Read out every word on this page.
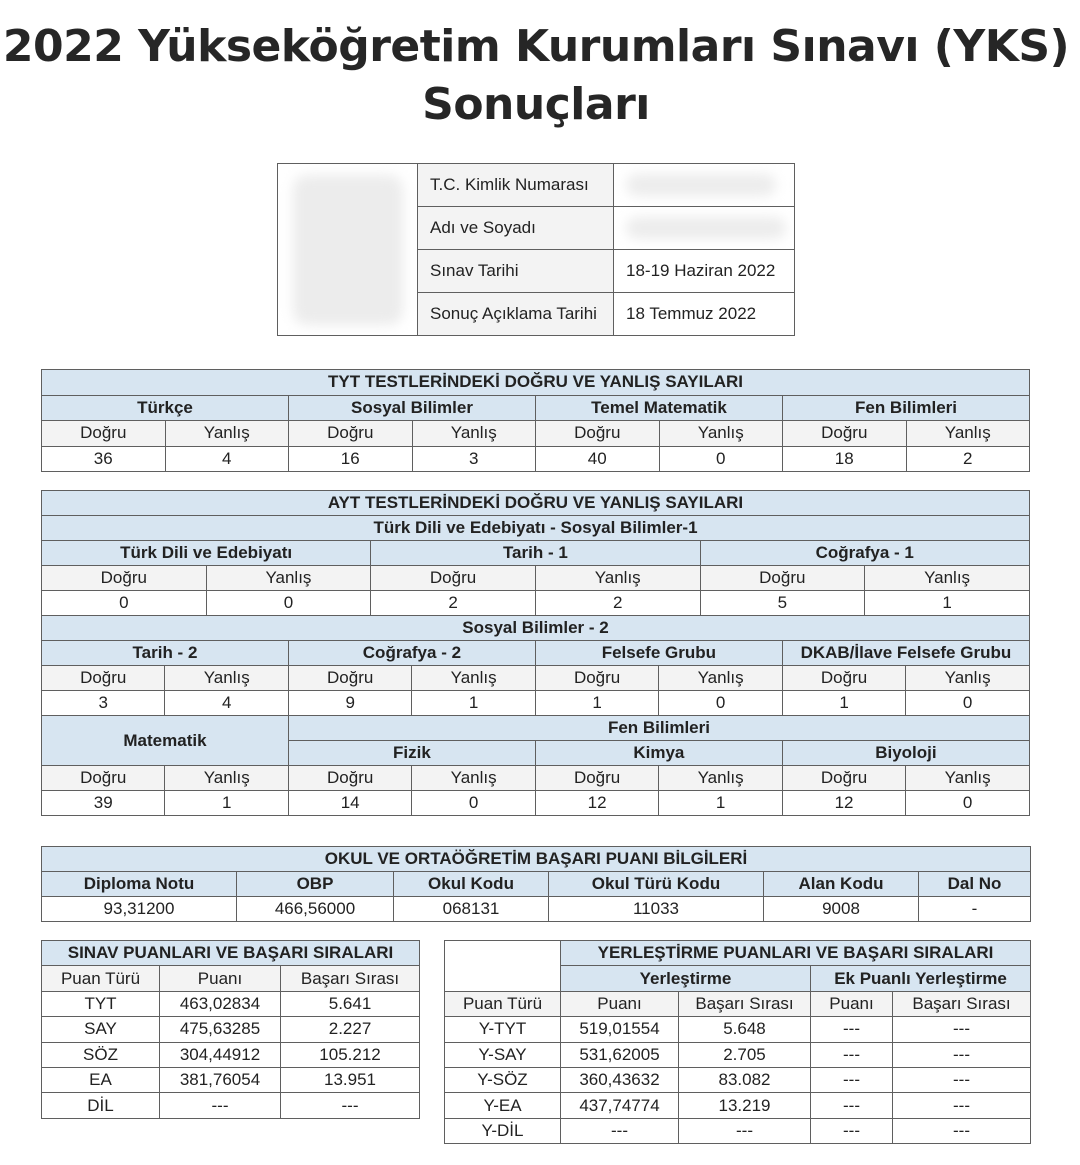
2022 Yükseköğretim Kurumları Sınavı (YKS) Sonuçları
	T.C. Kimlik Numarası	

	Adı ve Soyadı	

	Sınav Tarihi	18-19 Haziran 2022
	Sonuç Açıklama Tarihi	18 Temmuz 2022
TYT TESTLERİNDEKİ DOĞRU VE YANLIŞ SAYILARI							
Türkçe		Sosyal Bilimler		Temel Matematik		Fen Bilimleri	
Doğru	Yanlış	Doğru	Yanlış	Doğru	Yanlış	Doğru	Yanlış
36	4	16	3	40	0	18	2
AYT TESTLERİNDEKİ DOĞRU VE YANLIŞ SAYILARI											
Türk Dili ve Edebiyatı - Sosyal Bilimler-1											
Türk Dili ve Edebiyatı				Tarih - 1				Coğrafya - 1			
Doğru		Yanlış		Doğru		Yanlış		Doğru		Yanlış	
0		0		2		2		5		1	
Sosyal Bilimler - 2											
Tarih - 2			Coğrafya - 2			Felsefe Grubu			DKAB/İlave Felsefe Grubu		
Doğru	Yanlış		Doğru		Yanlış	Doğru	Yanlış		Doğru		Yanlış
3	4		9		1	1	0		1		0
Matematik			Fen Bilimleri								
			Fizik			Kimya			Biyoloji		
Doğru	Yanlış		Doğru		Yanlış	Doğru	Yanlış		Doğru		Yanlış
39	1		14		0	12	1		12		0
OKUL VE ORTAÖĞRETİM BAŞARI PUANI BİLGİLERİ					
Diploma Notu	OBP	Okul Kodu	Okul Türü Kodu	Alan Kodu	Dal No
93,31200	466,56000	068131	11033	9008	-
SINAV PUANLARI VE BAŞARI SIRALARI		

Puan Türü	Puanı	Başarı Sırası
TYT	463,02834	5.641
SAY	475,63285	2.227
SÖZ	304,44912	105.212
EA	381,76054	13.951
DİL	---	---
	YERLEŞTİRME PUANLARI VE BAŞARI SIRALARI			
	Yerleştirme		Ek Puanlı Yerleştirme	
Puan Türü	Puanı	Başarı Sırası	Puanı	Başarı Sırası
Y-TYT	519,01554	5.648	---	---
Y-SAY	531,62005	2.705	---	---
Y-SÖZ	360,43632	83.082	---	---
Y-EA	437,74774	13.219	---	---
Y-DİL	---	---	---	---
